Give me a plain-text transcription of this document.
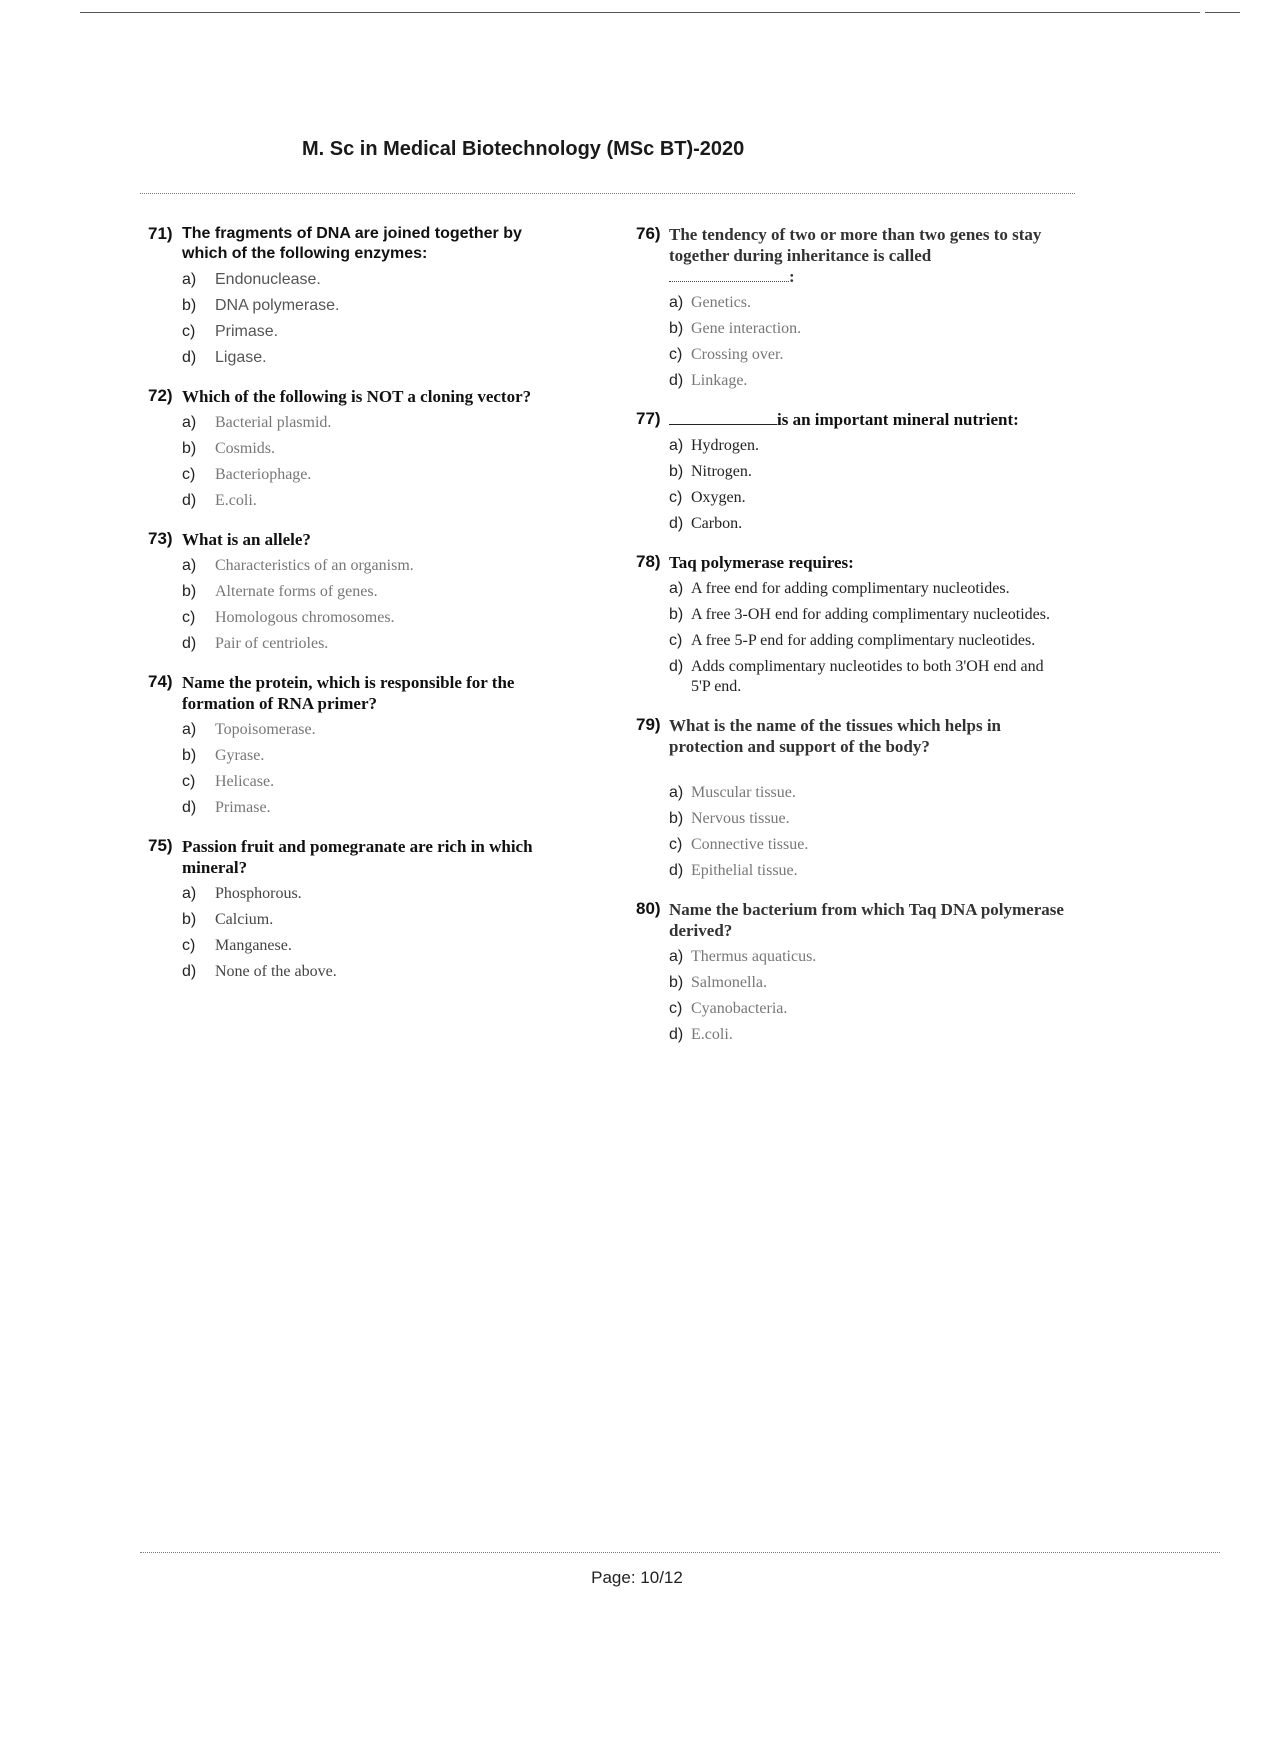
M. Sc in Medical Biotechnology (MSc BT)-2020
71) The fragments of DNA are joined together by which of the following enzymes:
a)	Endonuclease.
b)	DNA polymerase.
c)	Primase.
d)	Ligase.
72) Which of the following is NOT a cloning vector?
a)	Bacterial plasmid.
b)	Cosmids.
c)	Bacteriophage.
d)	E.coli.
73) What is an allele?
a)	Characteristics of an organism.
b)	Alternate forms of genes.
c)	Homologous chromosomes.
d)	Pair of centrioles.
74) Name the protein, which is responsible for the formation of RNA primer?
a)	Topoisomerase.
b)	Gyrase.
c)	Helicase.
d)	Primase.
75) Passion fruit and pomegranate are rich in which mineral?
a)	Phosphorous.
b)	Calcium.
c)	Manganese.
d)	None of the above.
76) The tendency of two or more than two genes to stay together during inheritance is called
:
a) Genetics.
b) Gene interaction.
c) Crossing over.
d) Linkage.
77)	is an important mineral nutrient:
a) Hydrogen.
b) Nitrogen.
c) Oxygen.
d) Carbon.
78) Taq polymerase requires:
a) A free end for adding complimentary nucleotides.
b) A free 3-OH end for adding complimentary nucleotides.
c) A free 5-P end for adding complimentary nucleotides.
d) Adds complimentary nucleotides to both 3'OH end and 5'P end.
79) What is the name of the tissues which helps in protection and support of the body?
a) Muscular tissue.
b) Nervous tissue.
c) Connective tissue.
d) Epithelial tissue.
80) Name the bacterium from which Taq DNA polymerase derived?
a) Thermus aquaticus.
b) Salmonella.
c) Cyanobacteria.
d) E.coli.
Page: 10/12
